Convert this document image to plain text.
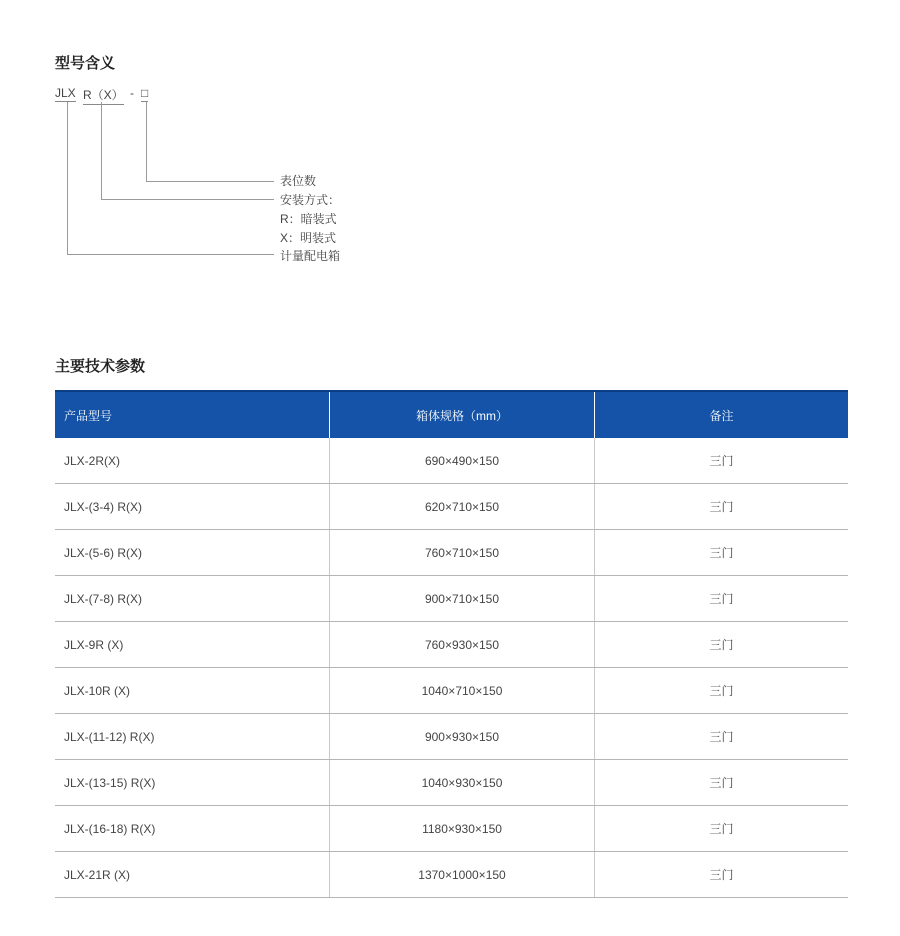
型号含义
JLX R（X） - □
表位数
安装方式：
R：暗装式
X：明装式
计量配电箱
主要技术参数
产品型号	箱体规格（mm）	备注
JLX-2R(X)	690×490×150	三门
JLX-(3-4) R(X)	620×710×150	三门
JLX-(5-6) R(X)	760×710×150	三门
JLX-(7-8) R(X)	900×710×150	三门
JLX-9R (X)	760×930×150	三门
JLX-10R (X)	1040×710×150	三门
JLX-(11-12) R(X)	900×930×150	三门
JLX-(13-15) R(X)	1040×930×150	三门
JLX-(16-18) R(X)	1180×930×150	三门
JLX-21R (X)	1370×1000×150	三门
